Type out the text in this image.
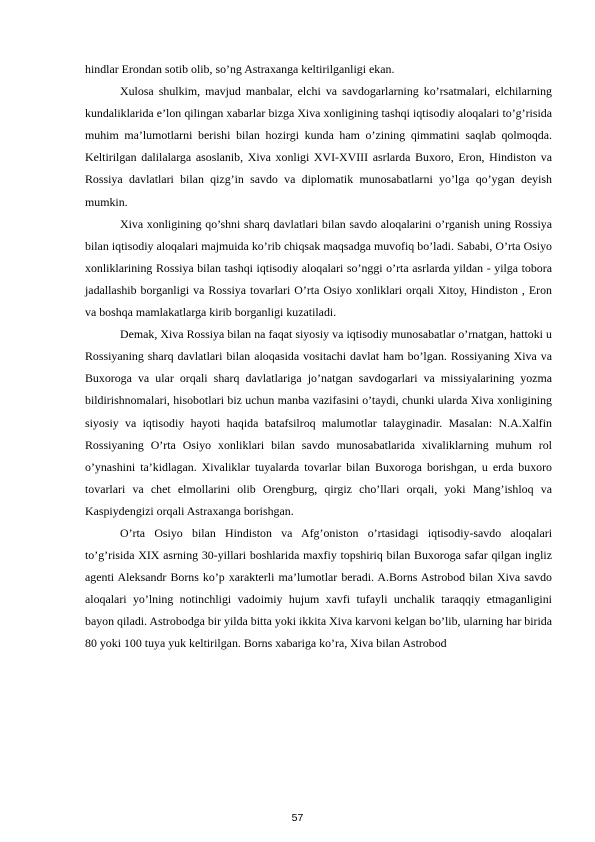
hindlar Erondan sotib olib, so’ng Astraxanga keltirilganligi ekan.

Xulosa shulkim, mavjud manbalar, elchi va savdogarlarning ko’rsatmalari, elchilarning kundaliklarida e’lon qilingan xabarlar bizga Xiva xonligining tashqi iqtisodiy aloqalari to’g’risida muhim ma’lumotlarni berishi bilan hozirgi kunda ham o’zining qimmatini saqlab qolmoqda. Keltirilgan dalilalarga asoslanib, Xiva xonligi XVI-XVIII asrlarda Buxoro, Eron, Hindiston va Rossiya davlatlari bilan qizg’in savdo va diplomatik munosabatlarni yo’lga qo’ygan deyish mumkin.

Xiva xonligining qo’shni sharq davlatlari bilan savdo aloqalarini o’rganish uning Rossiya bilan iqtisodiy aloqalari majmuida ko’rib chiqsak maqsadga muvofiq bo’ladi. Sababi, O’rta Osiyo xonliklarining Rossiya bilan tashqi iqtisodiy aloqalari so’nggi o’rta asrlarda yildan - yilga tobora jadallashib borganligi va Rossiya tovarlari O’rta Osiyo xonliklari orqali Xitoy, Hindiston , Eron va boshqa mamlakatlarga kirib borganligi kuzatiladi.

Demak, Xiva Rossiya bilan na faqat siyosiy va iqtisodiy munosabatlar o’rnatgan, hattoki u Rossiyaning sharq davlatlari bilan aloqasida vositachi davlat ham bo’lgan. Rossiyaning Xiva va Buxoroga va ular orqali sharq davlatlariga jo’natgan savdogarlari va missiyalarining yozma bildirishnomalari, hisobotlari biz uchun manba vazifasini o’taydi, chunki ularda Xiva xonligining siyosiy va iqtisodiy hayoti haqida batafsilroq malumotlar talayginadir. Masalan: N.A.Xalfin Rossiyaning O’rta Osiyo xonliklari bilan savdo munosabatlarida xivaliklarning muhum rol o’ynashini ta’kidlagan. Xivaliklar tuyalarda tovarlar bilan Buxoroga borishgan, u erda buxoro tovarlari va chet elmollarini olib Orengburg, qirgiz cho’llari orqali, yoki Mang’ishloq va Kaspiydengizi orqali Astraxanga borishgan.

O’rta Osiyo bilan Hindiston va Afg’oniston o’rtasidagi iqtisodiy-savdo aloqalari to’g’risida XIX asrning 30-yillari boshlarida maxfiy topshiriq bilan Buxoroga safar qilgan ingliz agenti Aleksandr Borns ko’p xarakterli ma’lumotlar beradi. A.Borns Astrobod bilan Xiva savdo aloqalari yo’lning notinchligi vadoimiy hujum xavfi tufayli unchalik taraqqiy etmaganligini bayon qiladi. Astrobodga bir yilda bitta yoki ikkita Xiva karvoni kelgan bo’lib, ularning har birida 80 yoki 100 tuya yuk keltirilgan. Borns xabariga ko’ra, Xiva bilan Astrobod

57
